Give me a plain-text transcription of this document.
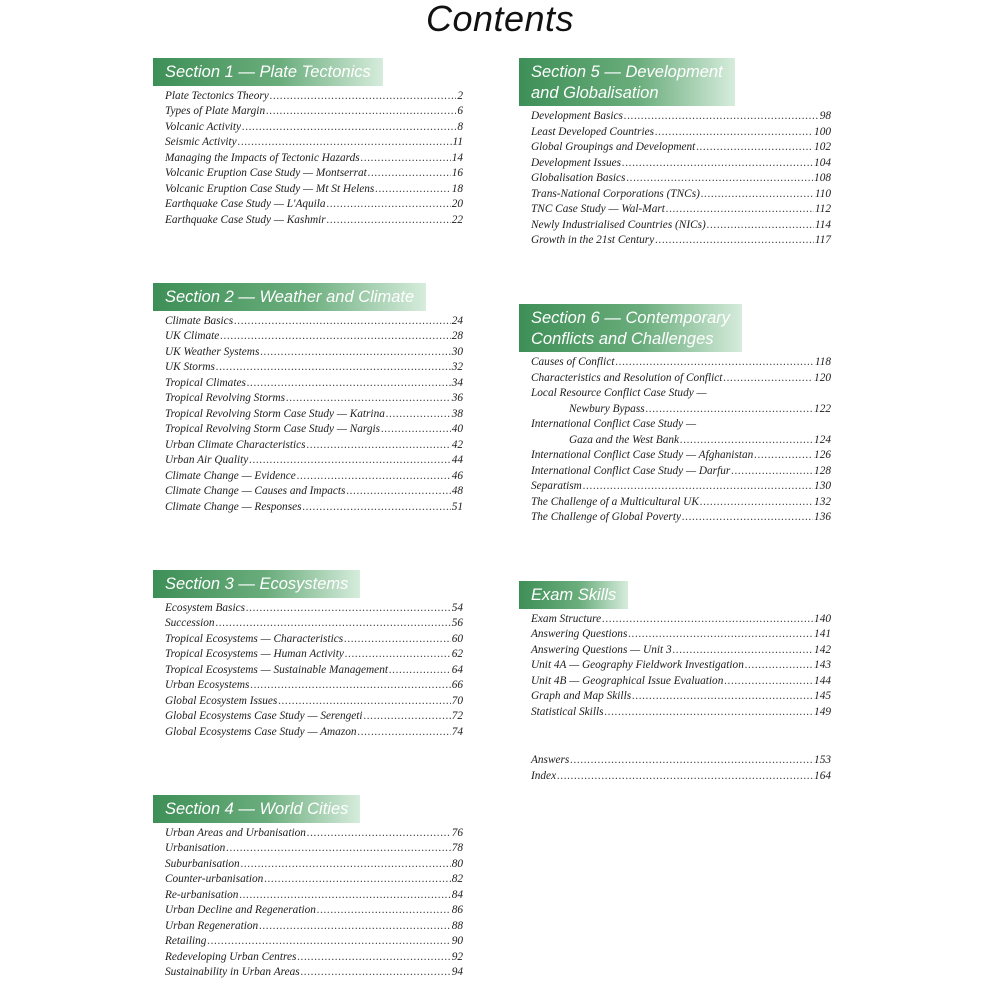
Contents
Section 1 — Plate Tectonics
Plate Tectonics Theory .....	2
Types of Plate Margin .....	6
Volcanic Activity .....	8
Seismic Activity .....	11
Managing the Impacts of Tectonic Hazards .....	14
Volcanic Eruption Case Study — Montserrat .....	16
Volcanic Eruption Case Study — Mt St Helens .....	18
Earthquake Case Study — L'Aquila .....	20
Earthquake Case Study — Kashmir .....	22
Section 2 — Weather and Climate
Climate Basics .....	24
UK Climate .....	28
UK Weather Systems .....	30
UK Storms .....	32
Tropical Climates .....	34
Tropical Revolving Storms .....	36
Tropical Revolving Storm Case Study — Katrina .....	38
Tropical Revolving Storm Case Study — Nargis .....	40
Urban Climate Characteristics .....	42
Urban Air Quality .....	44
Climate Change — Evidence .....	46
Climate Change — Causes and Impacts .....	48
Climate Change — Responses .....	51
Section 3 — Ecosystems
Ecosystem Basics .....	54
Succession .....	56
Tropical Ecosystems — Characteristics .....	60
Tropical Ecosystems — Human Activity .....	62
Tropical Ecosystems — Sustainable Management .....	64
Urban Ecosystems .....	66
Global Ecosystem Issues .....	70
Global Ecosystems Case Study — Serengeti .....	72
Global Ecosystems Case Study — Amazon .....	74
Section 4 — World Cities
Urban Areas and Urbanisation .....	76
Urbanisation .....	78
Suburbanisation .....	80
Counter-urbanisation .....	82
Re-urbanisation .....	84
Urban Decline and Regeneration .....	86
Urban Regeneration .....	88
Retailing .....	90
Redeveloping Urban Centres .....	92
Sustainability in Urban Areas .....	94
Section 5 — Development
and Globalisation
Development Basics .....	98
Least Developed Countries .....	100
Global Groupings and Development .....	102
Development Issues .....	104
Globalisation Basics .....	108
Trans-National Corporations (TNCs) .....	110
TNC Case Study — Wal-Mart .....	112
Newly Industrialised Countries (NICs) .....	114
Growth in the 21st Century .....	117
Section 6 — Contemporary
Conflicts and Challenges
Causes of Conflict .....	118
Characteristics and Resolution of Conflict .....	120
Local Resource Conflict Case Study —
Newbury Bypass .....	122
International Conflict Case Study —
Gaza and the West Bank .....	124
International Conflict Case Study — Afghanistan .....	126
International Conflict Case Study — Darfur .....	128
Separatism .....	130
The Challenge of a Multicultural UK .....	132
The Challenge of Global Poverty .....	136
Exam Skills
Exam Structure .....	140
Answering Questions .....	141
Answering Questions — Unit 3 .....	142
Unit 4A — Geography Fieldwork Investigation .....	143
Unit 4B — Geographical Issue Evaluation .....	144
Graph and Map Skills .....	145
Statistical Skills .....	149
Answers .....	153
Index .....	164
